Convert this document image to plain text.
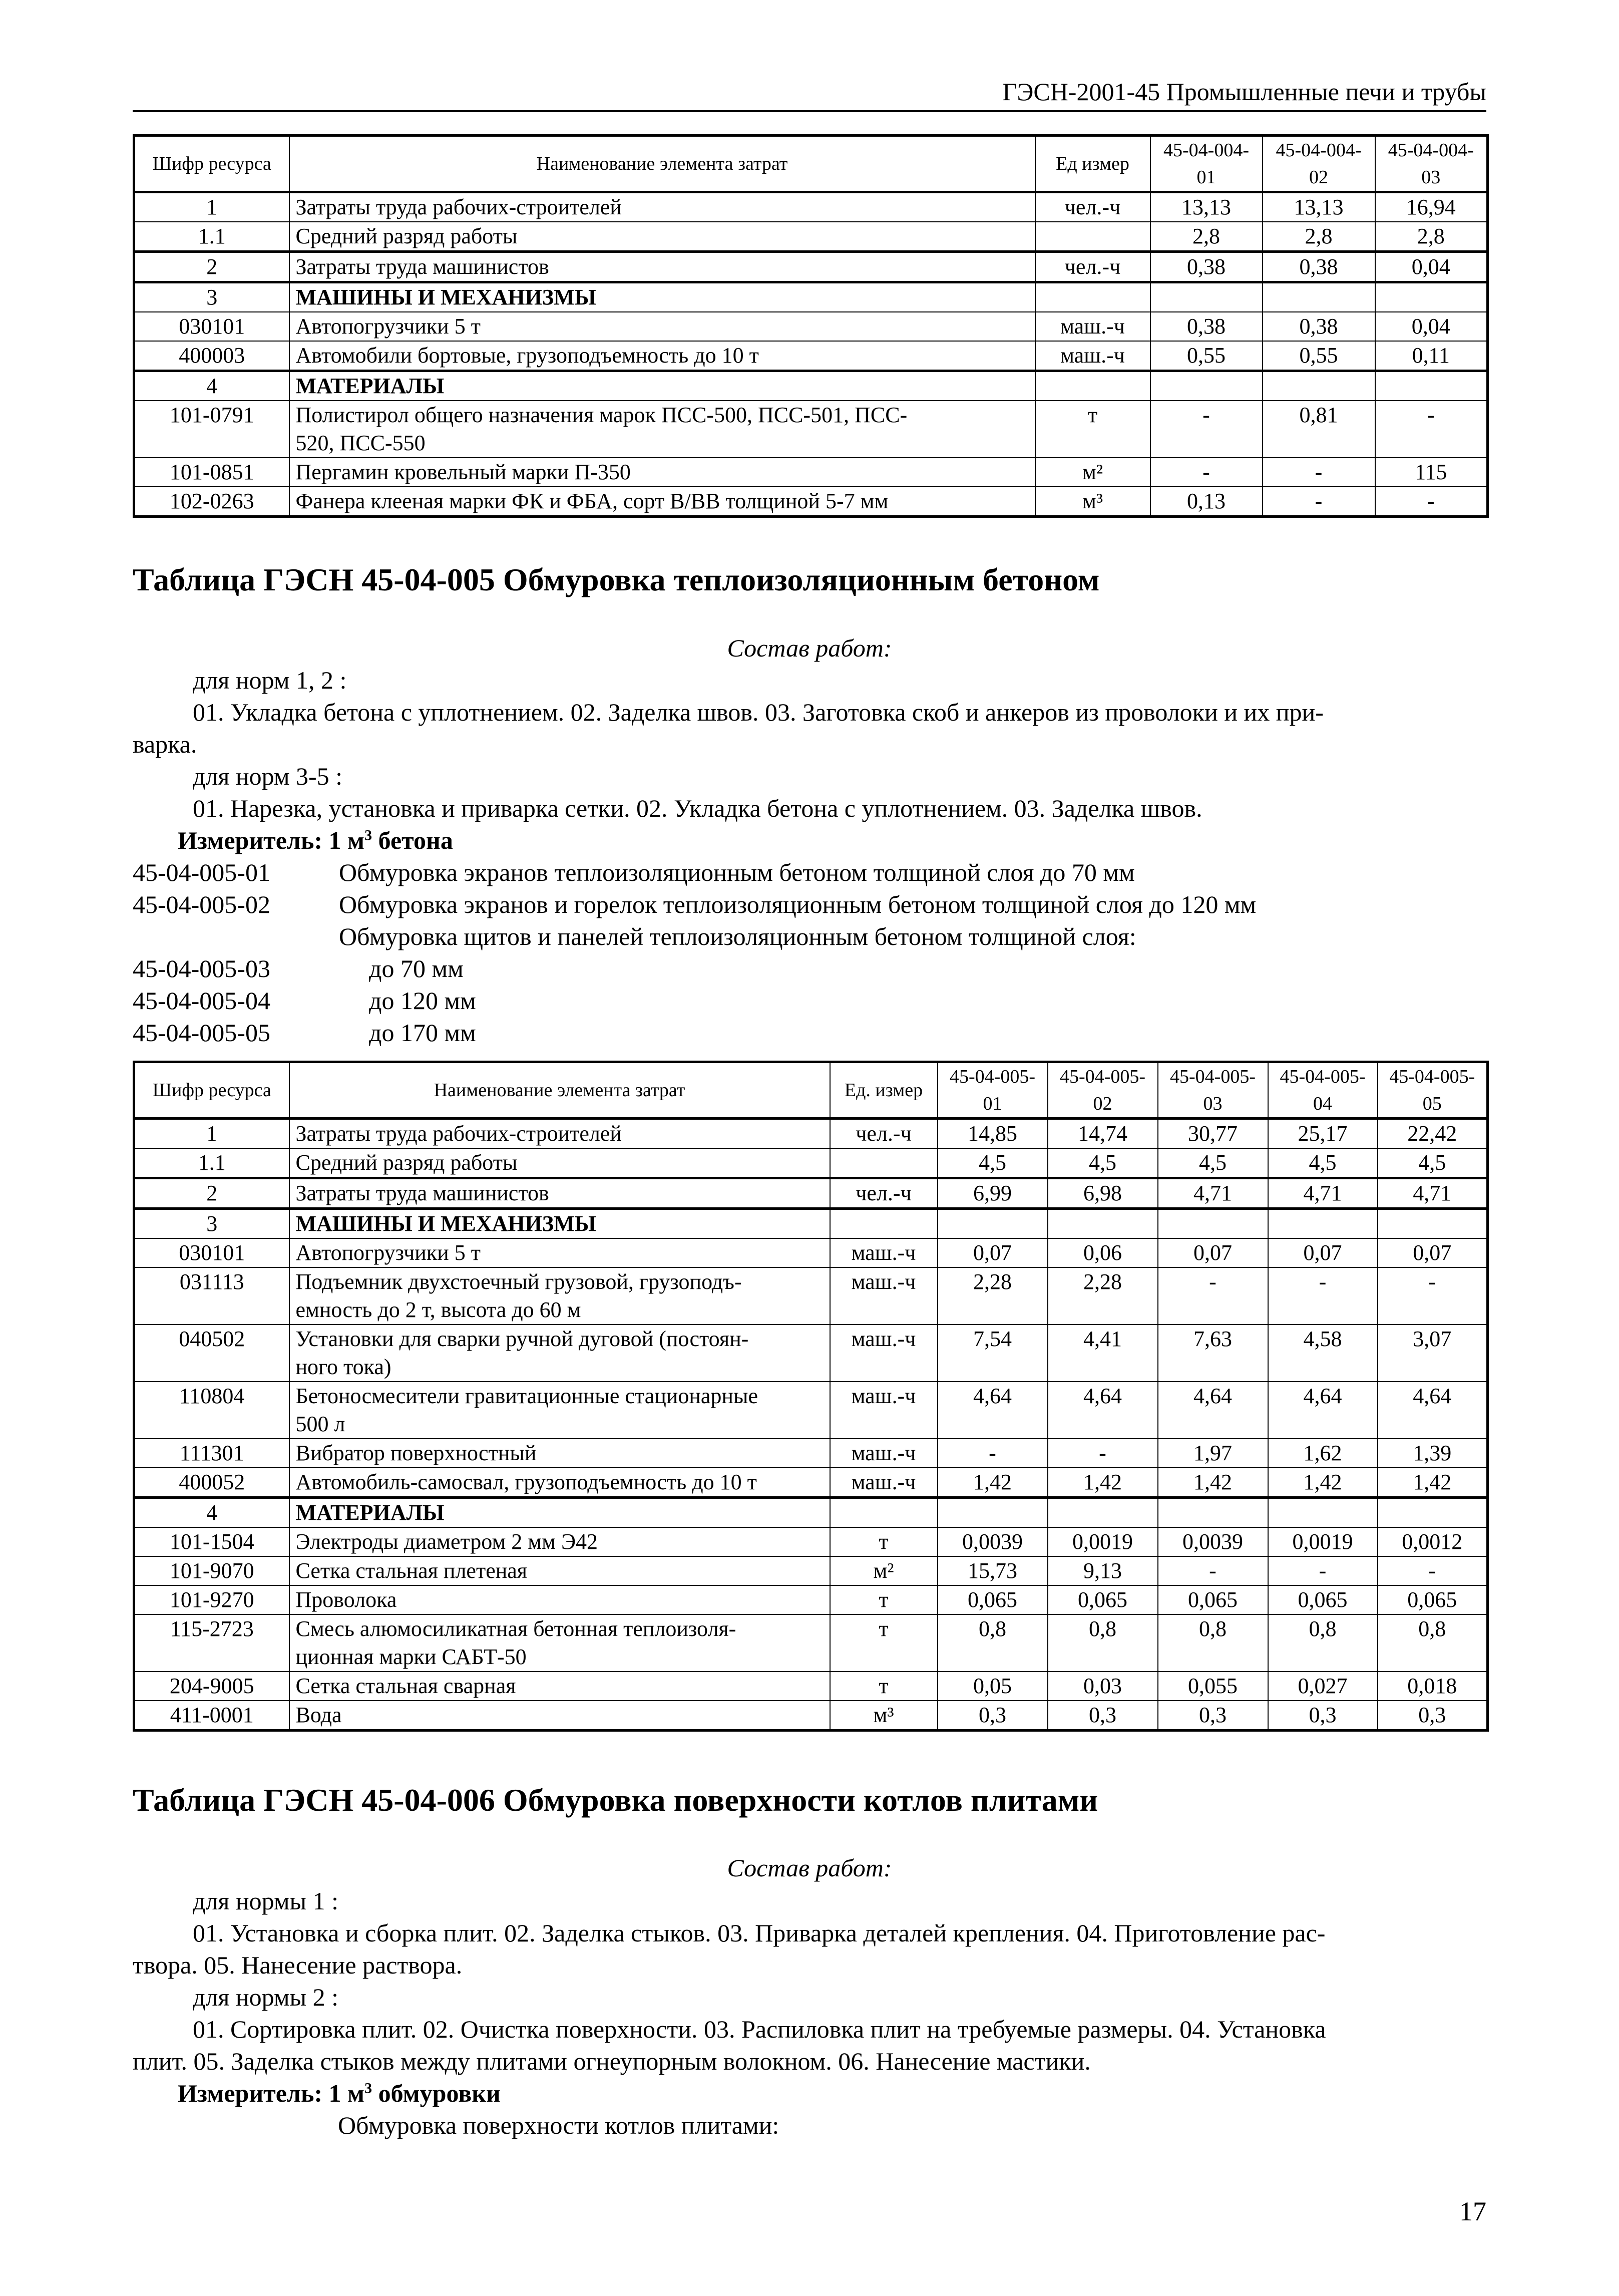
ГЭСН-2001-45 Промышленные печи и трубы
Шифр ресурса	Наименование элемента затрат	Ед измер	45-04-004-01	45-04-004-02	45-04-004-03
1	Затраты труда рабочих-строителей	чел.-ч	13,13	13,13	16,94
1.1	Средний разряд работы		2,8	2,8	2,8
2	Затраты труда машинистов	чел.-ч	0,38	0,38	0,04
3	МАШИНЫ И МЕХАНИЗМЫ				
030101	Автопогрузчики 5 т	маш.-ч	0,38	0,38	0,04
400003	Автомобили бортовые, грузоподъемность до 10 т	маш.-ч	0,55	0,55	0,11
4	МАТЕРИАЛЫ				
101-0791	Полистирол общего назначения марок ПСС-500, ПСС-501, ПСС-
520, ПСС-550	т	-	0,81	-
101-0851	Пергамин кровельный марки П-350	м²	-	-	115
102-0263	Фанера клееная марки ФК и ФБА, сорт В/ВВ толщиной 5-7 мм	м³	0,13	-	-
Таблица ГЭСН 45-04-005 Обмуровка теплоизоляционным бетоном
Состав работ:
для норм 1, 2 :
01. Укладка бетона с уплотнением. 02. Заделка швов. 03. Заготовка скоб и анкеров из проволоки и их при-
варка.
для норм 3-5 :
01. Нарезка, установка и приварка сетки. 02. Укладка бетона с уплотнением. 03. Заделка швов.
Измеритель: 1 $м^3$ бетона
45-04-005-01	Обмуровка экранов теплоизоляционным бетоном толщиной слоя до 70 мм
45-04-005-02	Обмуровка экранов и горелок теплоизоляционным бетоном толщиной слоя до 120 мм
Обмуровка щитов и панелей теплоизоляционным бетоном толщиной слоя:
45-04-005-03	до 70 мм
45-04-005-04	до 120 мм
45-04-005-05	до 170 мм
Шифр ресурса	Наименование элемента затрат	Ед. измер	45-04-005-01	45-04-005-02	45-04-005-03	45-04-005-04	45-04-005-05
1	Затраты труда рабочих-строителей	чел.-ч	14,85	14,74	30,77	25,17	22,42
1.1	Средний разряд работы		4,5	4,5	4,5	4,5	4,5
2	Затраты труда машинистов	чел.-ч	6,99	6,98	4,71	4,71	4,71
3	МАШИНЫ И МЕХАНИЗМЫ						
030101	Автопогрузчики 5 т	маш.-ч	0,07	0,06	0,07	0,07	0,07
031113	Подъемник двухстоечный грузовой, грузоподъ-
емность до 2 т, высота до 60 м	маш.-ч	2,28	2,28	-	-	-
040502	Установки для сварки ручной дуговой (постоян-
ного тока)	маш.-ч	7,54	4,41	7,63	4,58	3,07
110804	Бетоносмесители гравитационные стационарные
500 л	маш.-ч	4,64	4,64	4,64	4,64	4,64
111301	Вибратор поверхностный	маш.-ч	-	-	1,97	1,62	1,39
400052	Автомобиль-самосвал, грузоподъемность до 10 т	маш.-ч	1,42	1,42	1,42	1,42	1,42
4	МАТЕРИАЛЫ						
101-1504	Электроды диаметром 2 мм Э42	т	0,0039	0,0019	0,0039	0,0019	0,0012
101-9070	Сетка стальная плетеная	м²	15,73	9,13	-	-	-
101-9270	Проволока	т	0,065	0,065	0,065	0,065	0,065
115-2723	Смесь алюмосиликатная бетонная теплоизоля-
ционная марки САБТ-50	т	0,8	0,8	0,8	0,8	0,8
204-9005	Сетка стальная сварная	т	0,05	0,03	0,055	0,027	0,018
411-0001	Вода	м³	0,3	0,3	0,3	0,3	0,3
Таблица ГЭСН 45-04-006 Обмуровка поверхности котлов плитами
Состав работ:
для нормы 1 :
01. Установка и сборка плит. 02. Заделка стыков. 03. Приварка деталей крепления. 04. Приготовление рас-
твора. 05. Нанесение раствора.
для нормы 2 :
01. Сортировка плит. 02. Очистка поверхности. 03. Распиловка плит на требуемые размеры. 04. Установка
плит. 05. Заделка стыков между плитами огнеупорным волокном. 06. Нанесение мастики.
Измеритель: 1 $м^3$ обмуровки
Обмуровка поверхности котлов плитами:
17
